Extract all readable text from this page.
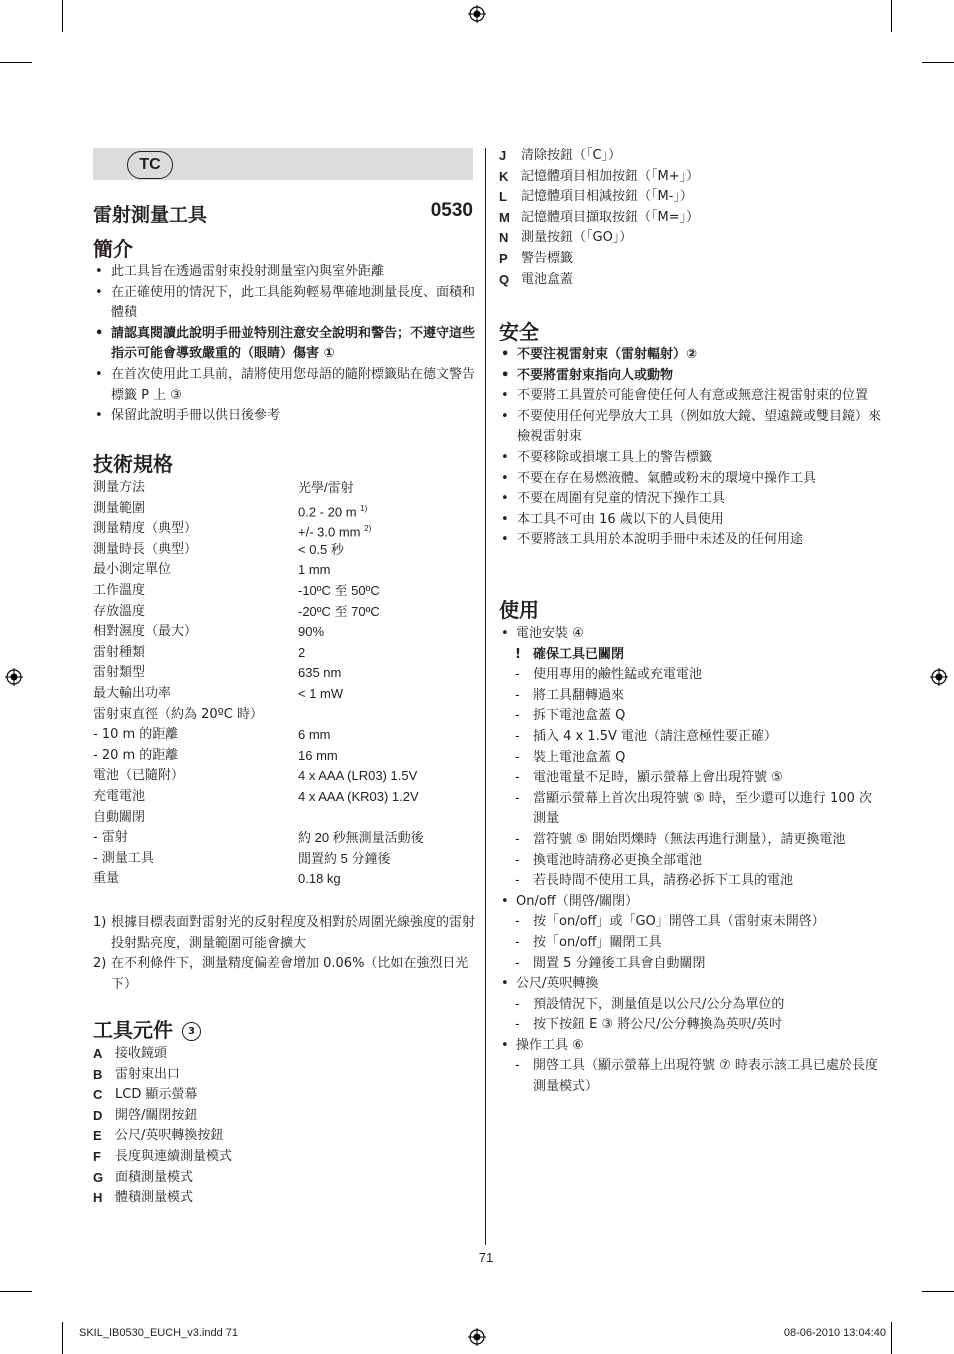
TC
雷射測量工具	0530
簡介
• 此工具旨在透過雷射束投射測量室內與室外距離
• 在正確使用的情況下，此工具能夠輕易準確地測量長度、面積和體積
• 請認真閱讀此說明手冊並特別注意安全說明和警告；不遵守這些指示可能會導致嚴重的（眼睛）傷害 ①
• 在首次使用此工具前，請將使用您母語的隨附標籤貼在德文警告標籤 P 上 ③
• 保留此說明手冊以供日後參考
技術規格
測量方法	光學/雷射
測量範圍	0.2 - 20 m $^{1)}$
測量精度（典型）	+/- 3.0 mm $^{2)}$
測量時長（典型）	< 0.5 秒
最小測定單位	1 mm
工作溫度	-10ºC 至 50ºC
存放溫度	-20ºC 至 70ºC
相對濕度（最大）	90%
雷射種類	2
雷射類型	635 nm
最大輸出功率	< 1 mW
雷射束直徑（約為 20ºC 時）
- 10 m 的距離	6 mm
- 20 m 的距離	16 mm
電池（已隨附）	4 x AAA (LR03) 1.5V
充電電池	4 x AAA (KR03) 1.2V
自動關閉
- 雷射	約 20 秒無測量活動後
- 測量工具	閒置約 5 分鐘後
重量	0.18 kg
1) 根據目標表面對雷射光的反射程度及相對於周圍光線強度的雷射投射點亮度，測量範圍可能會擴大
2) 在不利條件下，測量精度偏差會增加 0.06%（比如在強烈日光下）
工具元件 3
A 接收鏡頭
B 雷射束出口
C LCD 顯示螢幕
D 開啓/關閉按鈕
E 公尺/英呎轉換按鈕
F 長度與連續測量模式
G 面積測量模式
H 體積測量模式
J 清除按鈕（「C」）
K 記憶體項目相加按鈕（「M+」）
L 記憶體項目相減按鈕（「M-」）
M 記憶體項目擷取按鈕（「M=」）
N 測量按鈕（「GO」）
P 警告標籤
Q 電池盒蓋
安全
• 不要注視雷射束（雷射輻射）②
• 不要將雷射束指向人或動物
• 不要將工具置於可能會使任何人有意或無意注視雷射束的位置
• 不要使用任何光學放大工具（例如放大鏡、望遠鏡或雙目鏡）來檢視雷射束
• 不要移除或損壞工具上的警告標籤
• 不要在存在易燃液體、氣體或粉末的環境中操作工具
• 不要在周圍有兒童的情況下操作工具
• 本工具不可由 16 歲以下的人員使用
• 不要將該工具用於本說明手冊中未述及的任何用途
使用
• 電池安裝 ④
! 確保工具已關閉
- 使用專用的鹼性錳或充電電池
- 將工具翻轉過來
- 拆下電池盒蓋 Q
- 插入 4 x 1.5V 電池（請注意極性要正確）
- 裝上電池盒蓋 Q
- 電池電量不足時，顯示螢幕上會出現符號 ⑤
- 當顯示螢幕上首次出現符號 ⑤ 時，至少還可以進行 100 次測量
- 當符號 ⑤ 開始閃爍時（無法再進行測量），請更換電池
- 換電池時請務必更換全部電池
- 若長時間不使用工具，請務必拆下工具的電池
• On/off（開啓/關閉）
- 按「on/off」或「GO」開啓工具（雷射束未開啓）
- 按「on/off」關閉工具
- 閒置 5 分鐘後工具會自動關閉
• 公尺/英呎轉換
- 預設情況下，測量值是以公尺/公分為單位的
- 按下按鈕 E ③ 將公尺/公分轉換為英呎/英吋
• 操作工具 ⑥
- 開啓工具（顯示螢幕上出現符號 ⑦ 時表示該工具已處於長度測量模式）
71
SKIL_IB0530_EUCH_v3.indd 71	08-06-2010 13:04:40
